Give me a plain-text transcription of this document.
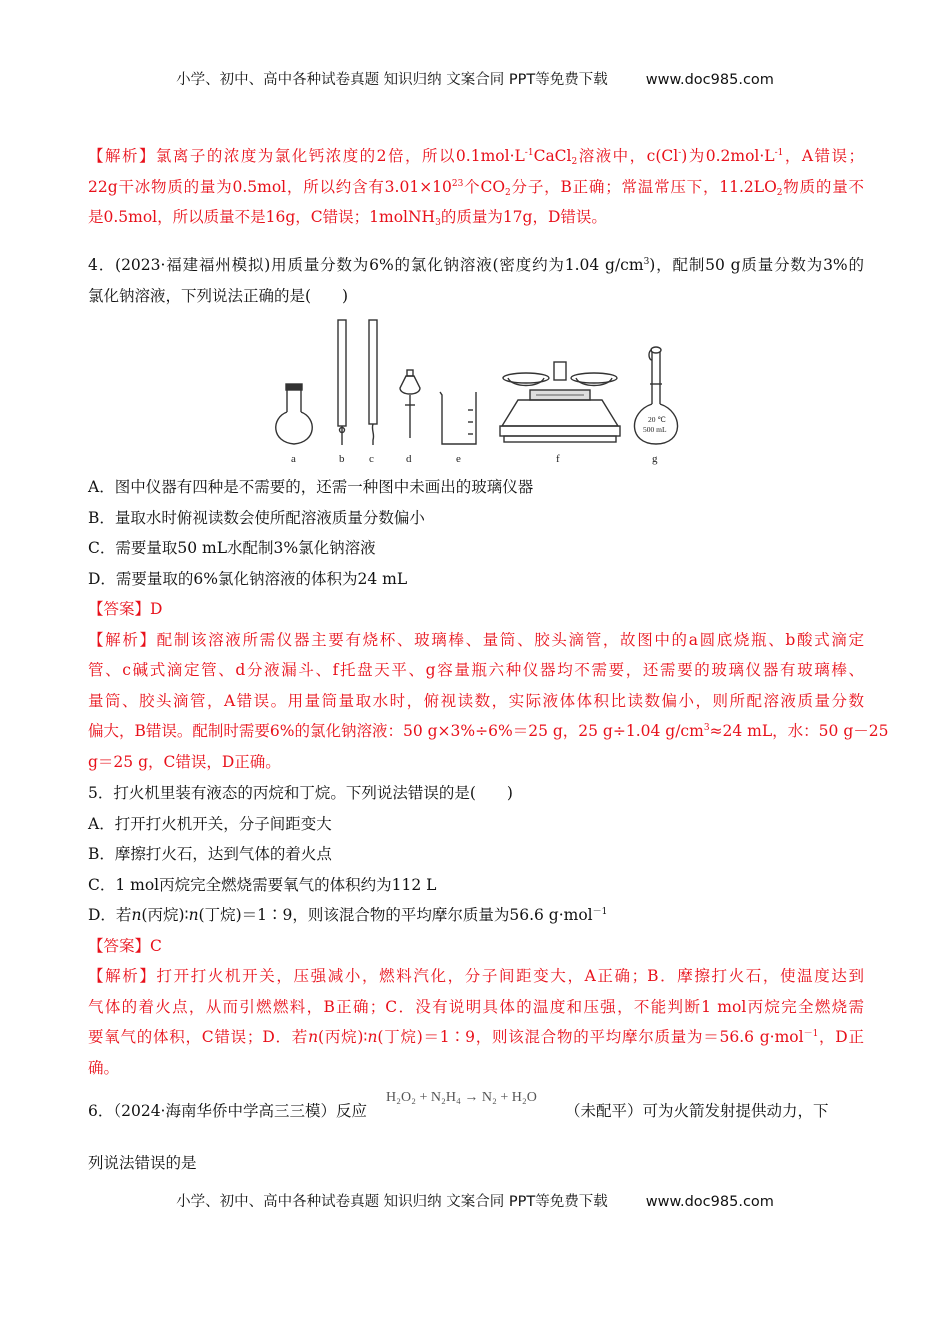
小学、初中、高中各种试卷真题 知识归纳 文案合同 PPT等免费下载	www.doc985.com
【解析】氯离子的浓度为氯化钙浓度的2倍，所以$0.1mol\cdot L^{-1}CaCl_2$溶液中，c(Cl-)为$0.2mol\cdot L^{-1}$，A错误；
22g干冰物质的量为0.5mol，所以约含有$3.01\times 10^{23}$个$CO_2$分子，B正确；常温常压下，$11.2LO_2$物质的量不
是0.5mol，所以质量不是16g，C错误；1molNH$_3$的质量为17g，D错误。
4．(2023·福建福州模拟)用质量分数为6%的氯化钠溶液(密度约为1.04 $g/cm^3$)，配制50 g质量分数为3%的
氯化钠溶液，下列说法正确的是(　　)
20 ℃
500 mL
a	b c	d	e	f	g
A．图中仪器有四种是不需要的，还需一种图中未画出的玻璃仪器
B．量取水时俯视读数会使所配溶液质量分数偏小
C．需要量取50 mL水配制3%氯化钠溶液
D．需要量取的6%氯化钠溶液的体积为24 mL
【答案】D
【解析】配制该溶液所需仪器主要有烧杯、玻璃棒、量筒、胶头滴管，故图中的a圆底烧瓶、b酸式滴定
管、c碱式滴定管、d分液漏斗、f托盘天平、g容量瓶六种仪器均不需要，还需要的玻璃仪器有玻璃棒、
量筒、胶头滴管，A错误。用量筒量取水时，俯视读数，实际液体体积比读数偏小，则所配溶液质量分数
偏大，B错误。配制时需要6%的氯化钠溶液：50 g×3%÷6%＝25 g，25 g÷1.04 $g/cm^3\approx 24$ mL，水：50 g－25
g＝25 g，C错误，D正确。
5．打火机里装有液态的丙烷和丁烷。下列说法错误的是(　　)
A．打开打火机开关，分子间距变大
B．摩擦打火石，达到气体的着火点
C．1 mol丙烷完全燃烧需要氧气的体积约为112 L
D．若n(丙烷)∶n(丁烷)＝1∶9，则该混合物的平均摩尔质量为56.6 g·mol$^{-1}$
【答案】C
【解析】打开打火机开关，压强减小，燃料汽化，分子间距变大，A正确；B．摩擦打火石，使温度达到
气体的着火点，从而引燃燃料，B正确；C．没有说明具体的温度和压强，不能判断1 mol丙烷完全燃烧需
要氧气的体积，C错误；D．若n(丙烷)∶n(丁烷)＝1∶9，则该混合物的平均摩尔质量为＝56.6 g·mol$^{-1}$，D正
确。
6．（2024·海南华侨中学高三三模）反应	（未配平）可为火箭发射提供动力，下
H₂O₂ + N₂H₄ → N₂ + H₂O
列说法错误的是
小学、初中、高中各种试卷真题 知识归纳 文案合同 PPT等免费下载	www.doc985.com
